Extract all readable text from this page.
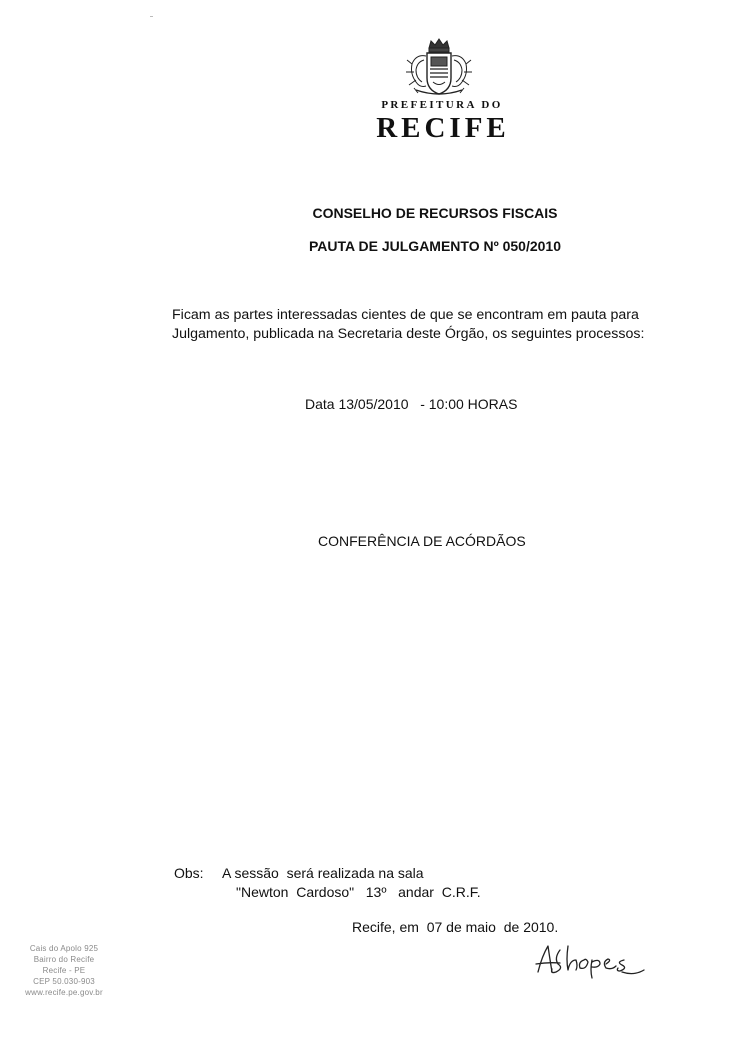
PREFEITURA DO
RECIFE
CONSELHO DE RECURSOS FISCAIS
PAUTA DE JULGAMENTO Nº 050/2010
Ficam as partes interessadas cientes de que se encontram em pauta para
Julgamento, publicada na Secretaria deste Órgão, os seguintes processos:
Data 13/05/2010   - 10:00 HORAS
CONFERÊNCIA DE ACÓRDÃOS
Obs: A sessão  será realizada na sala
"Newton  Cardoso"   13º   andar  C.R.F.
Recife, em  07 de maio  de 2010.
Cais do Apolo 925
Bairro do Recife
Recife - PE
CEP 50.030-903
www.recife.pe.gov.br
